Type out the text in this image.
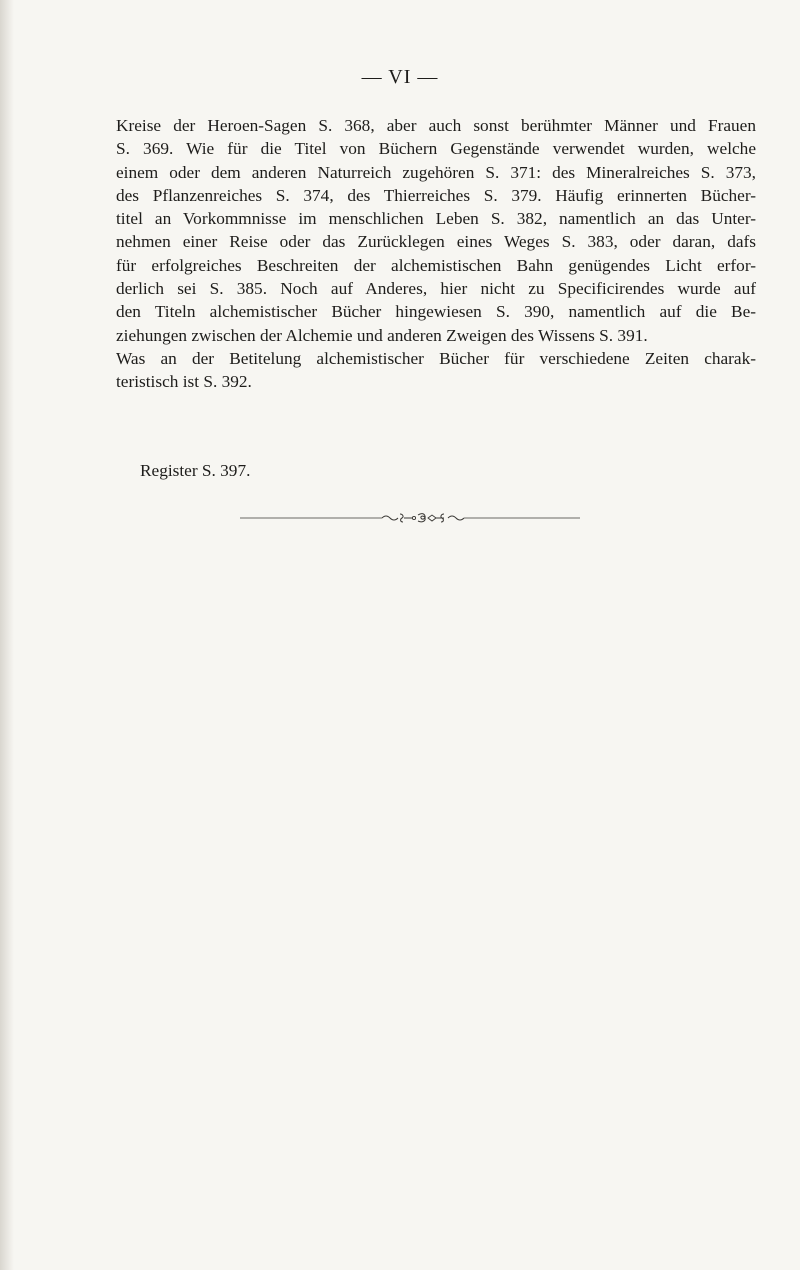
— VI —
Kreise der Heroen-Sagen S. 368, aber auch sonst berühmter Männer und Frauen
S. 369. Wie für die Titel von Büchern Gegenstände verwendet wurden, welche
einem oder dem anderen Naturreich zugehören S. 371: des Mineralreiches S. 373,
des Pflanzenreiches S. 374, des Thierreiches S. 379. Häufig erinnerten Bücher-
titel an Vorkommnisse im menschlichen Leben S. 382, namentlich an das Unter-
nehmen einer Reise oder das Zurücklegen eines Weges S. 383, oder daran, dafs
für erfolgreiches Beschreiten der alchemistischen Bahn genügendes Licht erfor-
derlich sei S. 385. Noch auf Anderes, hier nicht zu Specificirendes wurde auf
den Titeln alchemistischer Bücher hingewiesen S. 390, namentlich auf die Be-
ziehungen zwischen der Alchemie und anderen Zweigen des Wissens S. 391.
Was an der Betitelung alchemistischer Bücher für verschiedene Zeiten charak-
teristisch ist S. 392.
Register S. 397.
